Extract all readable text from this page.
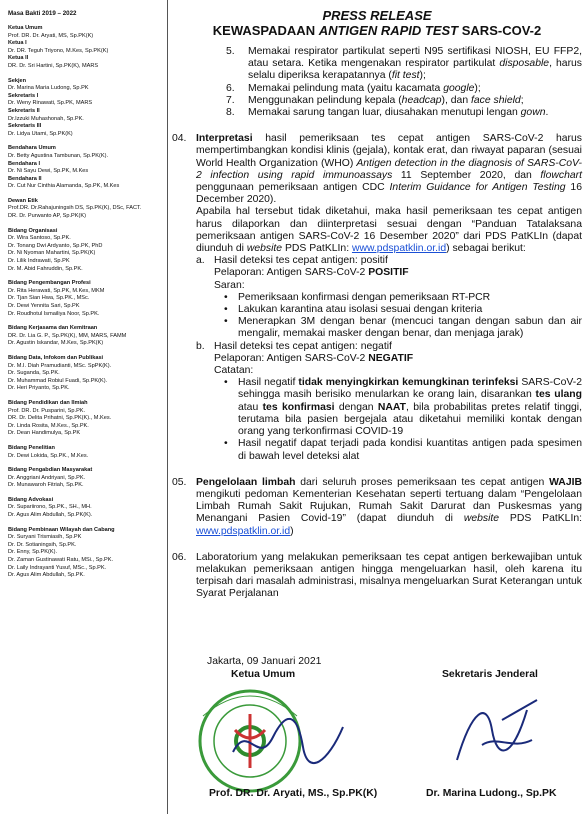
Masa Bakti 2019 – 2022
Ketua Umum
Prof. DR. Dr. Aryati, MS, Sp.PK(K)
Ketua I
Dr. DR. Teguh Triyono, M.Kes, Sp.PK(K)
Ketua II
DR. Dr. Sri Hartini, Sp.PK(K), MARS
Sekjen
Dr. Marina Maria Ludong, Sp.PK
Sekretaris I
Dr. Weny Rinawati, Sp.PK, MARS
Sekretaris II
Dr.Izzuki Muhashonah, Sp.PK.
Sekretaris III
Dr. Lidya Utami, Sp.PK(K)
Bendahara Umum
Dr. Betty Agustina Tambunan, Sp.PK(K).
Bendahara I
Dr. Ni Sayu Dewi, Sp.PK, M.Kes
Bendahara II
Dr. Cut Nur Cinthia Alamanda, Sp.PK, M.Kes
Dewan Etik
Prof.DR. Dr.Rahajuningsih DS, Sp.PK(K), DSc, FACT.
DR. Dr. Purwanto AP, Sp.PK(K)
Bidang Organisasi
Dr. Wira Santoso, Sp.PK.
Dr. Tonang Dwi Ardyanto, Sp.PK, PhD
Dr. Ni Nyoman Mahartini, Sp.PK(K)
Dr. Lilik Indrawati, Sp.PK
Dr. M. Abid Fahruddin, Sp.PK.
Bidang Pengembangan Profesi
Dr. Rita Herawati, Sp.PK, M.Kes, MKM
Dr. Tjan Sian Hwa, Sp.PK., MSc.
Dr. Dewi Yennita Sari, Sp.PK
Dr. Roudhotul Ismailiya Noor, Sp.PK.
Bidang Kerjasama dan Kemitraan
DR. Dr. Lia G. P., Sp.PK(K), MM, MARS, FAMM
Dr. Agustin Iskandar, M.Kes, Sp.PK(K)
Bidang Data, Infokom dan Publikasi
Dr. M.I. Diah Pramudianti, MSc. SpPK(K).
Dr. Suganda, Sp.PK.
Dr. Muhammad Robiul Fuadi, Sp.PK(K).
Dr. Heri Priyanto, Sp.PK.
Bidang Pendidikan dan Ilmiah
Prof. DR. Dr. Pusparini, Sp.PK.
DR. Dr. Delita Prihatni, Sp.PK(K)., M.Kes.
Dr. Linda Rosita, M.Kes., Sp.PK.
Dr. Dean Handimulya, Sp.PK
Bidang Penelitian
Dr. Dewi Lokida, Sp.PK., M.Kes.
Bidang Pengabdian Masyarakat
Dr. Anggriani Andriyani, Sp.PK.
Dr. Munawaroh Fitriah, Sp.PK.
Bidang Advokasi
Dr. Supariirono, Sp.PK., SH., MH.
Dr. Agus Alim Abdullah, Sp.PK(K).
Bidang Pembinaan Wilayah dan Cabang
Dr. Suryani Trismiasih, Sp.PK
Dr. Dr. Sotianingsih, Sp.PK.
Dr. Enny, Sp.PK(K).
Dr. Zaman Gustinawati Ratu, MSi., Sp.PK.
Dr. Laily Indrayanti Yusuf, MSc., Sp.PK.
Dr. Agus Alim Abdullah, Sp.PK.
PRESS RELEASE
KEWASPADAAN ANTIGEN RAPID TEST SARS-COV-2
5. Memakai respirator partikulat seperti N95 sertifikasi NIOSH, EU FFP2, atau setara. Ketika mengenakan respirator partikulat disposable, harus selalu diperiksa kerapatannya (fit test);
6. Memakai pelindung mata (yaitu kacamata google);
7. Menggunakan pelindung kepala (headcap), dan face shield;
8. Memakai sarung tangan luar, diusahakan menutupi lengan gown.
04. Interpretasi hasil pemeriksaan tes cepat antigen SARS-CoV-2 harus mempertimbangkan kondisi klinis (gejala), kontak erat, dan riwayat paparan (sesuai World Health Organization (WHO) Antigen detection in the diagnosis of SARS-CoV-2 infection using rapid immunoassays 11 September 2020, dan flowchart penggunaan pemeriksaan antigen CDC Interim Guidance for Antigen Testing 16 December 2020).

Apabila hal tersebut tidak diketahui, maka hasil pemeriksaan tes cepat antigen harus dilaporkan dan diinterpretasi sesuai dengan “Panduan Tatalaksana pemeriksaan antigen SARS-CoV-2 16 Desember 2020” dari PDS PatKLIn (dapat diunduh di website PDS PatKLIn: www.pdspatklin.or.id) sebagai berikut:

a. Hasil deteksi tes cepat antigen: positif
Pelaporan: Antigen SARS-CoV-2 POSITIF
Saran:
• Pemeriksaan konfirmasi dengan pemeriksaan RT-PCR
• Lakukan karantina atau isolasi sesuai dengan kriteria
• Menerapkan 3M dengan benar (mencuci tangan dengan sabun dan air mengalir, memakai masker dengan benar, dan menjaga jarak)
b. Hasil deteksi tes cepat antigen: negatif
Pelaporan: Antigen SARS-CoV-2 NEGATIF
Catatan:
• Hasil negatif tidak menyingkirkan kemungkinan terinfeksi SARS-CoV-2 sehingga masih berisiko menularkan ke orang lain, disarankan tes ulang atau tes konfirmasi dengan NAAT, bila probabilitas pretes relatif tinggi, terutama bila pasien bergejala atau diketahui memiliki kontak dengan orang yang terkonfirmasi COVID-19
• Hasil negatif dapat terjadi pada kondisi kuantitas antigen pada spesimen di bawah level deteksi alat
05. Pengelolaan limbah dari seluruh proses pemeriksaan tes cepat antigen WAJIB mengikuti pedoman Kementerian Kesehatan seperti tertuang dalam “Pengelolaan Limbah Rumah Sakit Rujukan, Rumah Sakit Darurat dan Puskesmas yang Menangani Pasien Covid-19” (dapat diunduh di website PDS PatKLIn: www.pdspatklin.or.id)

06. Laboratorium yang melakukan pemeriksaan tes cepat antigen berkewajiban untuk melakukan pemeriksaan antigen hingga mengeluarkan hasil, oleh karena itu terpisah dari masalah administrasi, misalnya mengeluarkan Surat Keterangan untuk Syarat Perjalanan

Jakarta, 09 Januari 2021
Ketua Umum	Sekretaris Jenderal
Prof. DR. Dr. Aryati, MS., Sp.PK(K)	Dr. Marina Ludong., Sp.PK
